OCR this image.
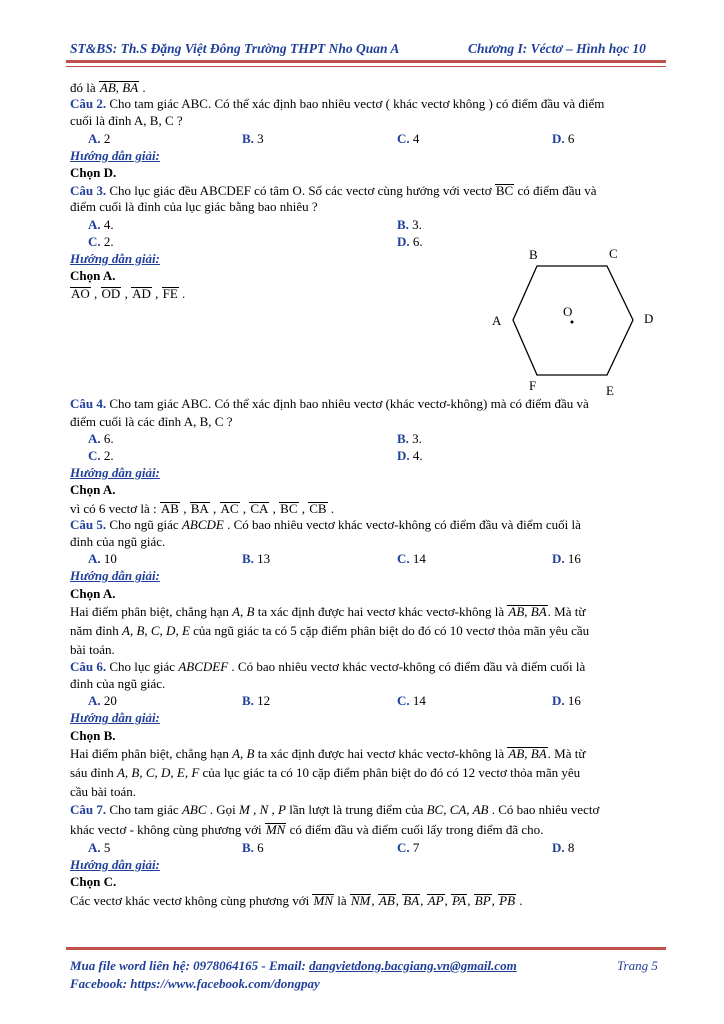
ST&BS: Th.S Đặng Việt Đông Trường THPT Nho Quan A	Chương I: Véctơ – Hình học 10
đó là AB, BA .
Câu 2. Cho tam giác ABC. Có thể xác định bao nhiêu vectơ ( khác vectơ không ) có điểm đầu và điểm
cuối là đỉnh A, B, C ?
A. 2	B. 3	C. 4	D. 6
Hướng dẫn giải:
Chọn D.
Câu 3. Cho lục giác đều ABCDEF có tâm O. Số các vectơ cùng hướng với vectơ BC có điểm đầu và
điểm cuối là đỉnh của lục giác bằng bao nhiêu ?
A. 4.	B. 3.
C. 2.	D. 6.
Hướng dẫn giải:
Chọn A.
AO , OD , AD , FE .
Câu 4. Cho tam giác ABC. Có thể xác định bao nhiêu vectơ (khác vectơ-không) mà có điểm đầu và
điểm cuối là các đỉnh A, B, C ?
A. 6.	B. 3.
C. 2.	D. 4.
Hướng dẫn giải:
Chọn A.
vì có 6 vectơ là : AB , BA , AC , CA , BC , CB .
Câu 5. Cho ngũ giác ABCDE . Có bao nhiêu vectơ khác vectơ-không có điểm đầu và điểm cuối là
đỉnh của ngũ giác.
A. 10	B. 13	C. 14	D. 16
Hướng dẫn giải:
Chọn A.
Hai điểm phân biệt, chẳng hạn A, B ta xác định được hai vectơ khác vectơ-không là AB, BA. Mà từ
năm đỉnh A, B, C, D, E của ngũ giác ta có 5 cặp điểm phân biệt do đó có 10 vectơ thỏa mãn yêu cầu
bài toán.
Câu 6. Cho lục giác ABCDEF . Có bao nhiêu vectơ khác vectơ-không có điểm đầu và điểm cuối là
đỉnh của ngũ giác.
A. 20	B. 12	C. 14	D. 16
Hướng dẫn giải:
Chọn B.
Hai điểm phân biệt, chẳng hạn A, B ta xác định được hai vectơ khác vectơ-không là AB, BA. Mà từ
sáu đỉnh A, B, C, D, E, F của lục giác ta có 10 cặp điểm phân biệt do đó có 12 vectơ thỏa mãn yêu
cầu bài toán.
Câu 7. Cho tam giác ABC . Gọi M , N , P lần lượt là trung điểm của BC, CA, AB . Có bao nhiêu vectơ
khác vectơ - không cùng phương với MN có điểm đầu và điểm cuối lấy trong điểm đã cho.
A. 5	B. 6	C. 7	D. 8
Hướng dẫn giải:
Chọn C.
Các vectơ khác vectơ không cùng phương với MN là NM, AB, BA, AP, PA, BP, PB .
A
B	C
D
E
F
O
Mua file word liên hệ: 0978064165 - Email: dangvietdong.bacgiang.vn@gmail.com
Facebook: https://www.facebook.com/dongpay
Trang 5
